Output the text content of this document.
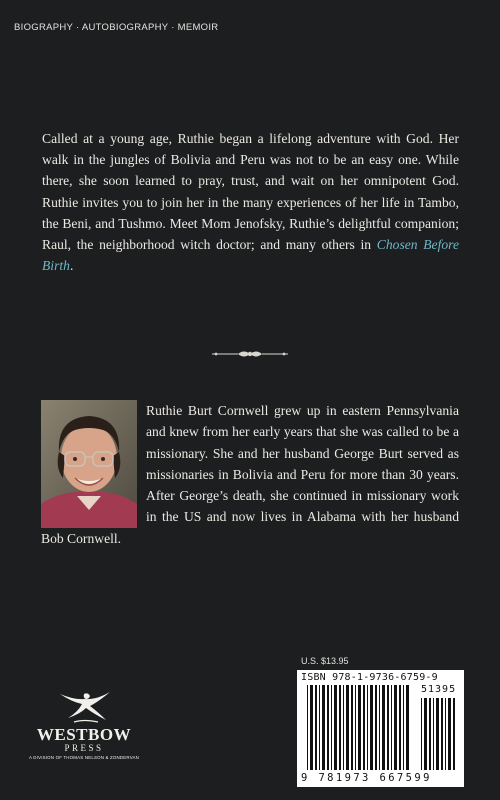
BIOGRAPHY · AUTOBIOGRAPHY · MEMOIR

Called at a young age, Ruthie began a lifelong adventure with God. Her walk in the jungles of Bolivia and Peru was not to be an easy one. While there, she soon learned to pray, trust, and wait on her omnipotent God. Ruthie invites you to join her in the many experiences of her life in Tambo, the Beni, and Tushmo. Meet Mom Jenofsky, Ruthie’s delightful companion; Raul, the neighborhood witch doctor; and many others in Chosen Before Birth.

Ruthie Burt Cornwell grew up in eastern Pennsylvania and knew from her early years that she was called to be a missionary. She and her husband George Burt served as missionaries in Bolivia and Peru for more than 30 years. After George’s death, she continued in missionary work in the US and now lives in Alabama with her husband Bob Cornwell.

WESTBOW
PRESS
A DIVISION OF THOMAS NELSON & ZONDERVAN
U.S. $13.95
ISBN 978-1-9736-6759-9
51395
9 781973 667599
